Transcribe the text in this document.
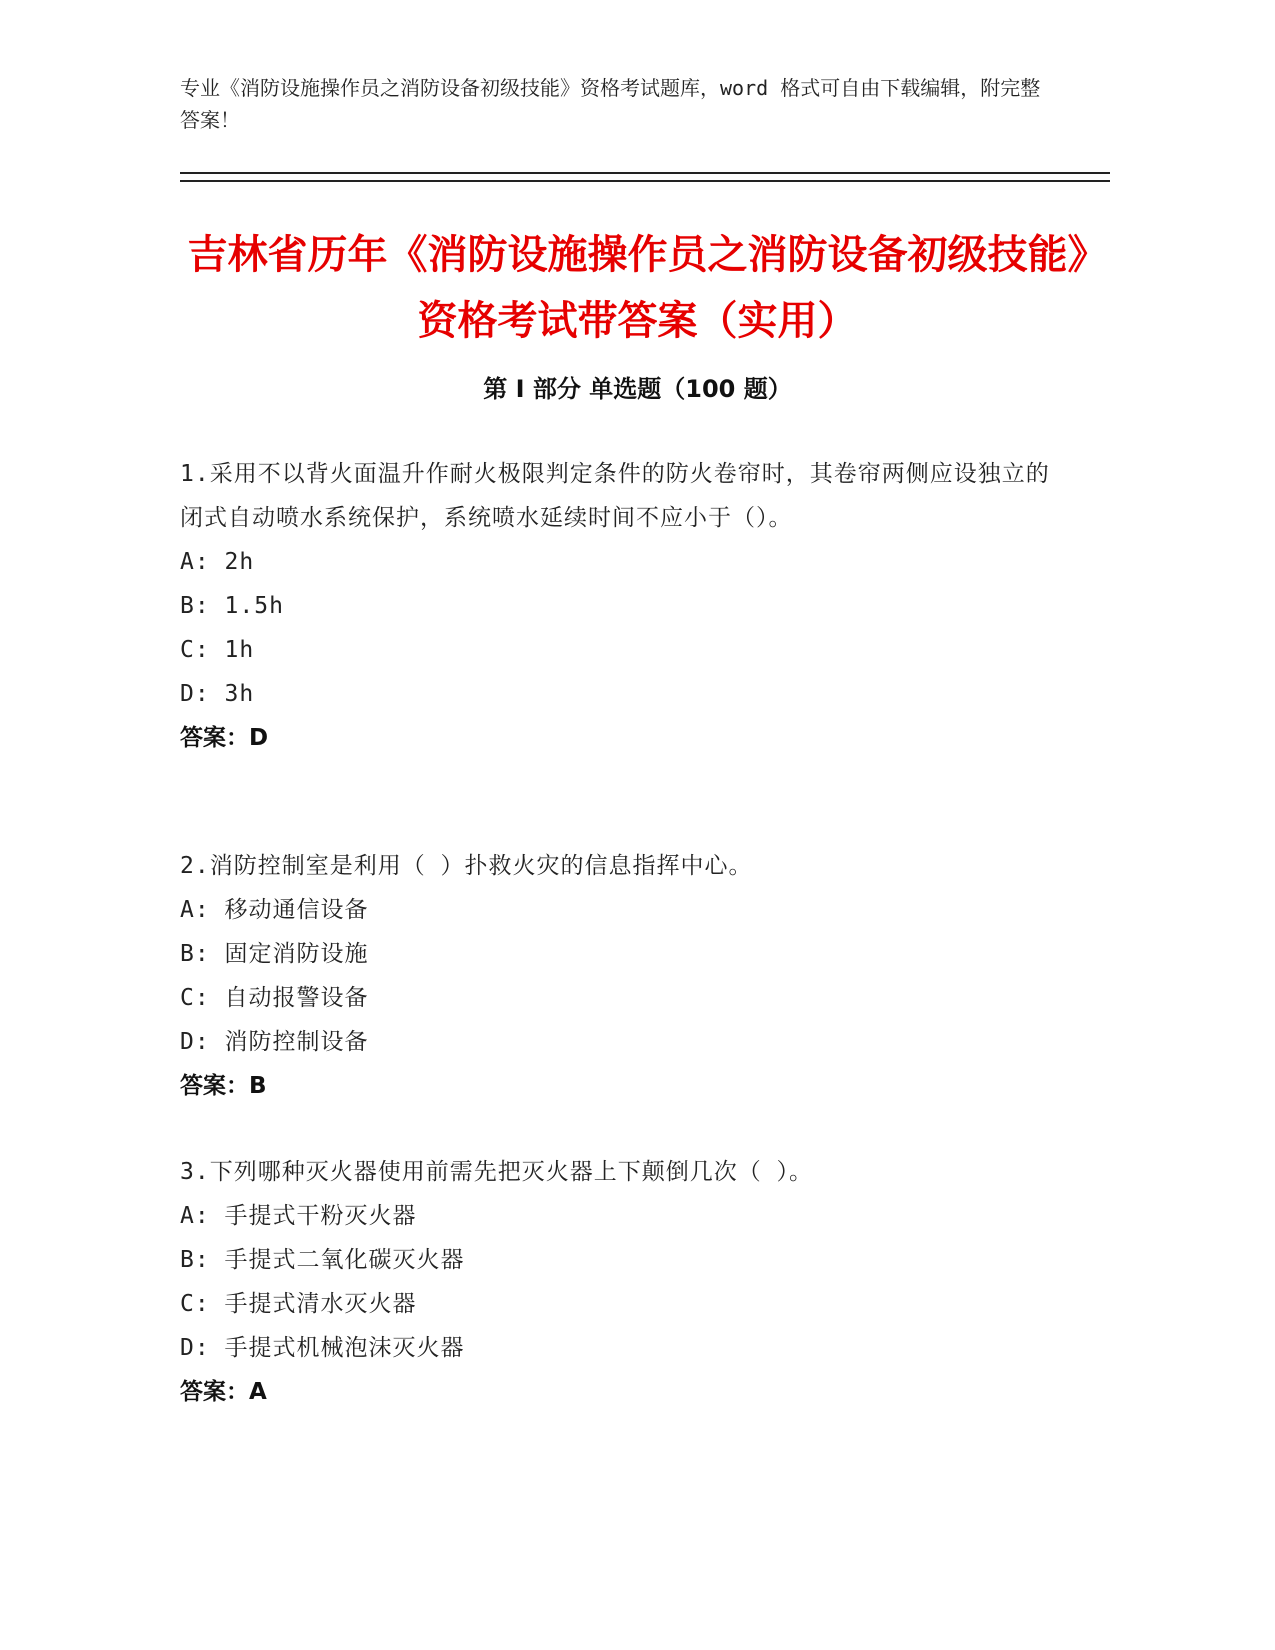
专业《消防设施操作员之消防设备初级技能》资格考试题库，word 格式可自由下载编辑，附完整答案！
吉林省历年《消防设施操作员之消防设备初级技能》资格考试带答案（实用）
第 I 部分 单选题（100 题）
1.采用不以背火面温升作耐火极限判定条件的防火卷帘时，其卷帘两侧应设独立的闭式自动喷水系统保护，系统喷水延续时间不应小于（）。
A: 2h
B: 1.5h
C: 1h
D: 3h
答案：D
2.消防控制室是利用（ ）扑救火灾的信息指挥中心。
A: 移动通信设备
B: 固定消防设施
C: 自动报警设备
D: 消防控制设备
答案：B
3.下列哪种灭火器使用前需先把灭火器上下颠倒几次（ ）。
A: 手提式干粉灭火器
B: 手提式二氧化碳灭火器
C: 手提式清水灭火器
D: 手提式机械泡沫灭火器
答案：A
